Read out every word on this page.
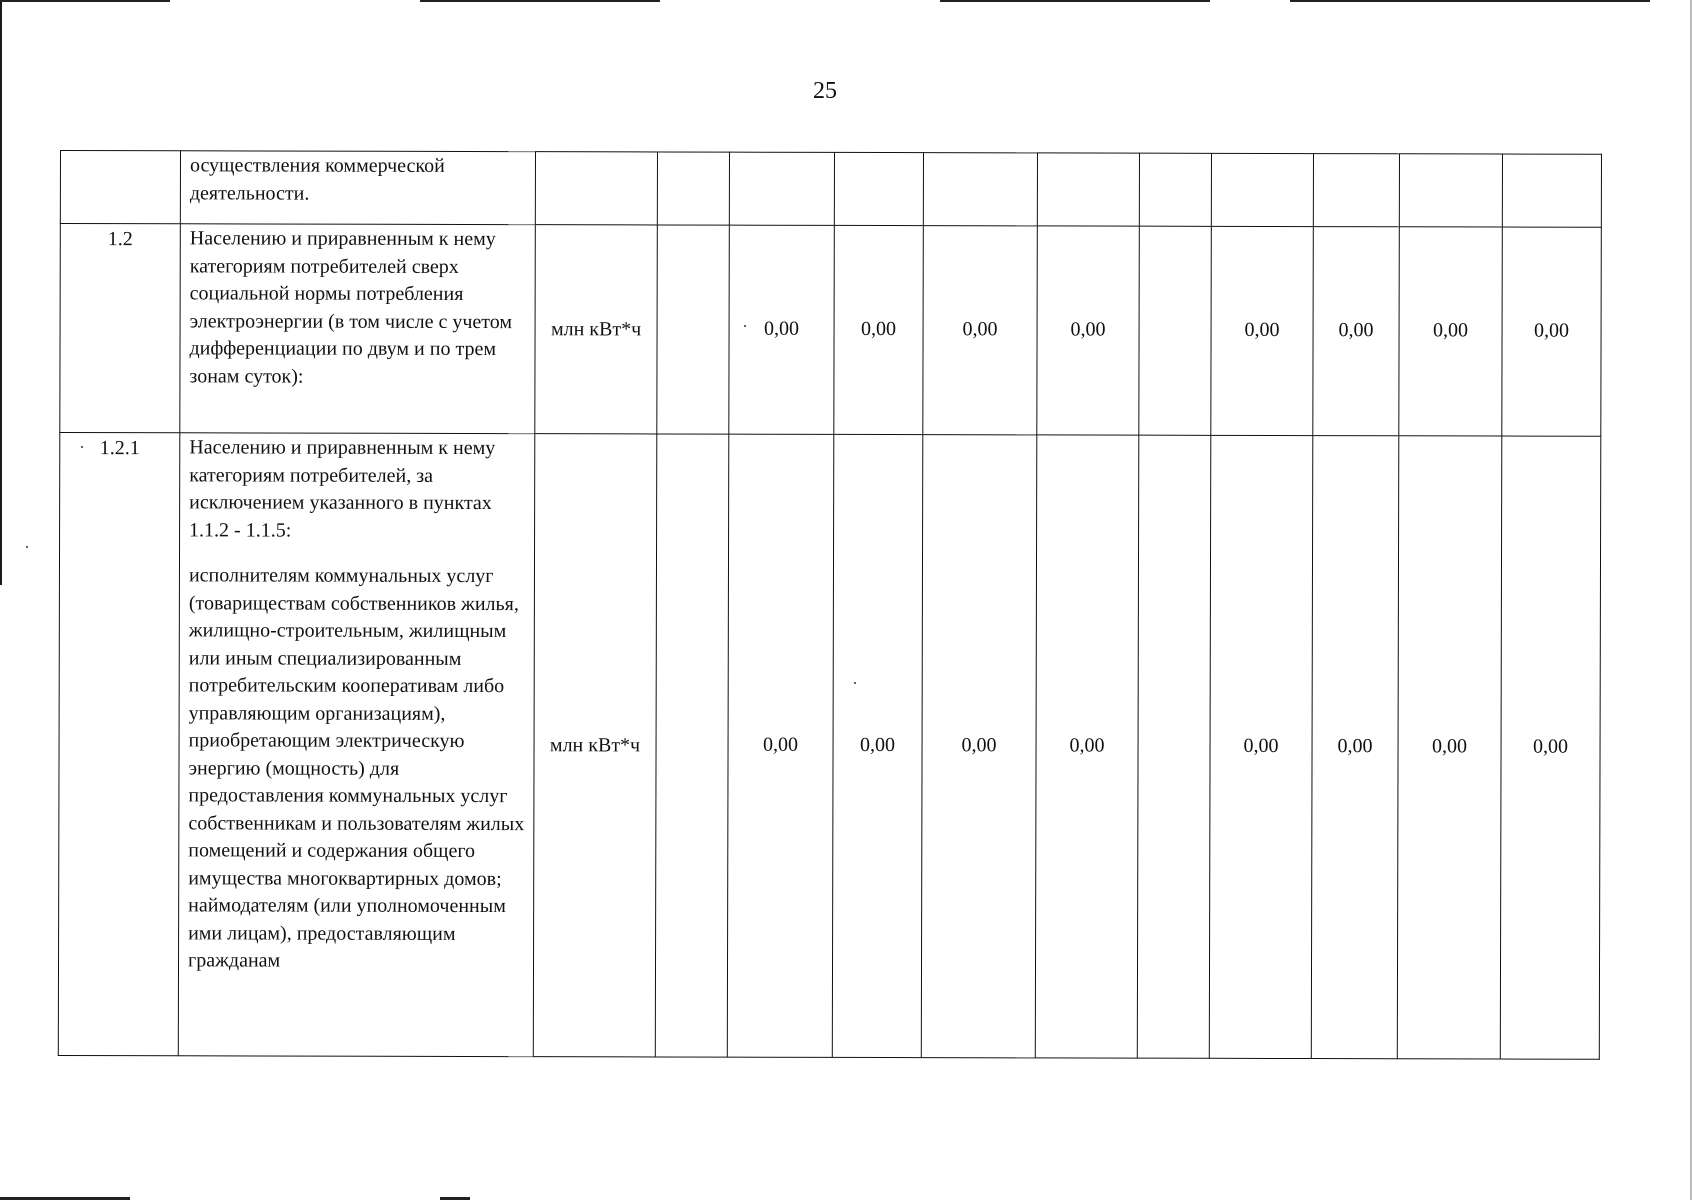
25

	осуществления коммерческой деятельности.											

1.2	Населению и приравненным к нему категориям потребителей сверх социальной нормы потребления электроэнергии (в том числе с учетом дифференциации по двум и по трем зонам суток):	млн кВт*ч		0,00	0,00	0,00	0,00		0,00	0,00	0,00	0,00
1.2.1	Населению и приравненным к нему категориям потребителей, за исключением указанного в пунктах 1.1.2 - 1.1.5:
исполнителям коммунальных услуг (товариществам собственников жилья, жилищно-строительным, жилищным или иным специализированным потребительским кооперативам либо управляющим организациям), приобретающим электрическую энергию (мощность) для предоставления коммунальных услуг собственникам и пользователям жилых помещений и содержания общего имущества многоквартирных домов; наймодателям (или уполномоченным ими лицам), предоставляющим гражданам	млн кВт*ч		0,00	0,00	0,00	0,00		0,00	0,00	0,00	0,00
